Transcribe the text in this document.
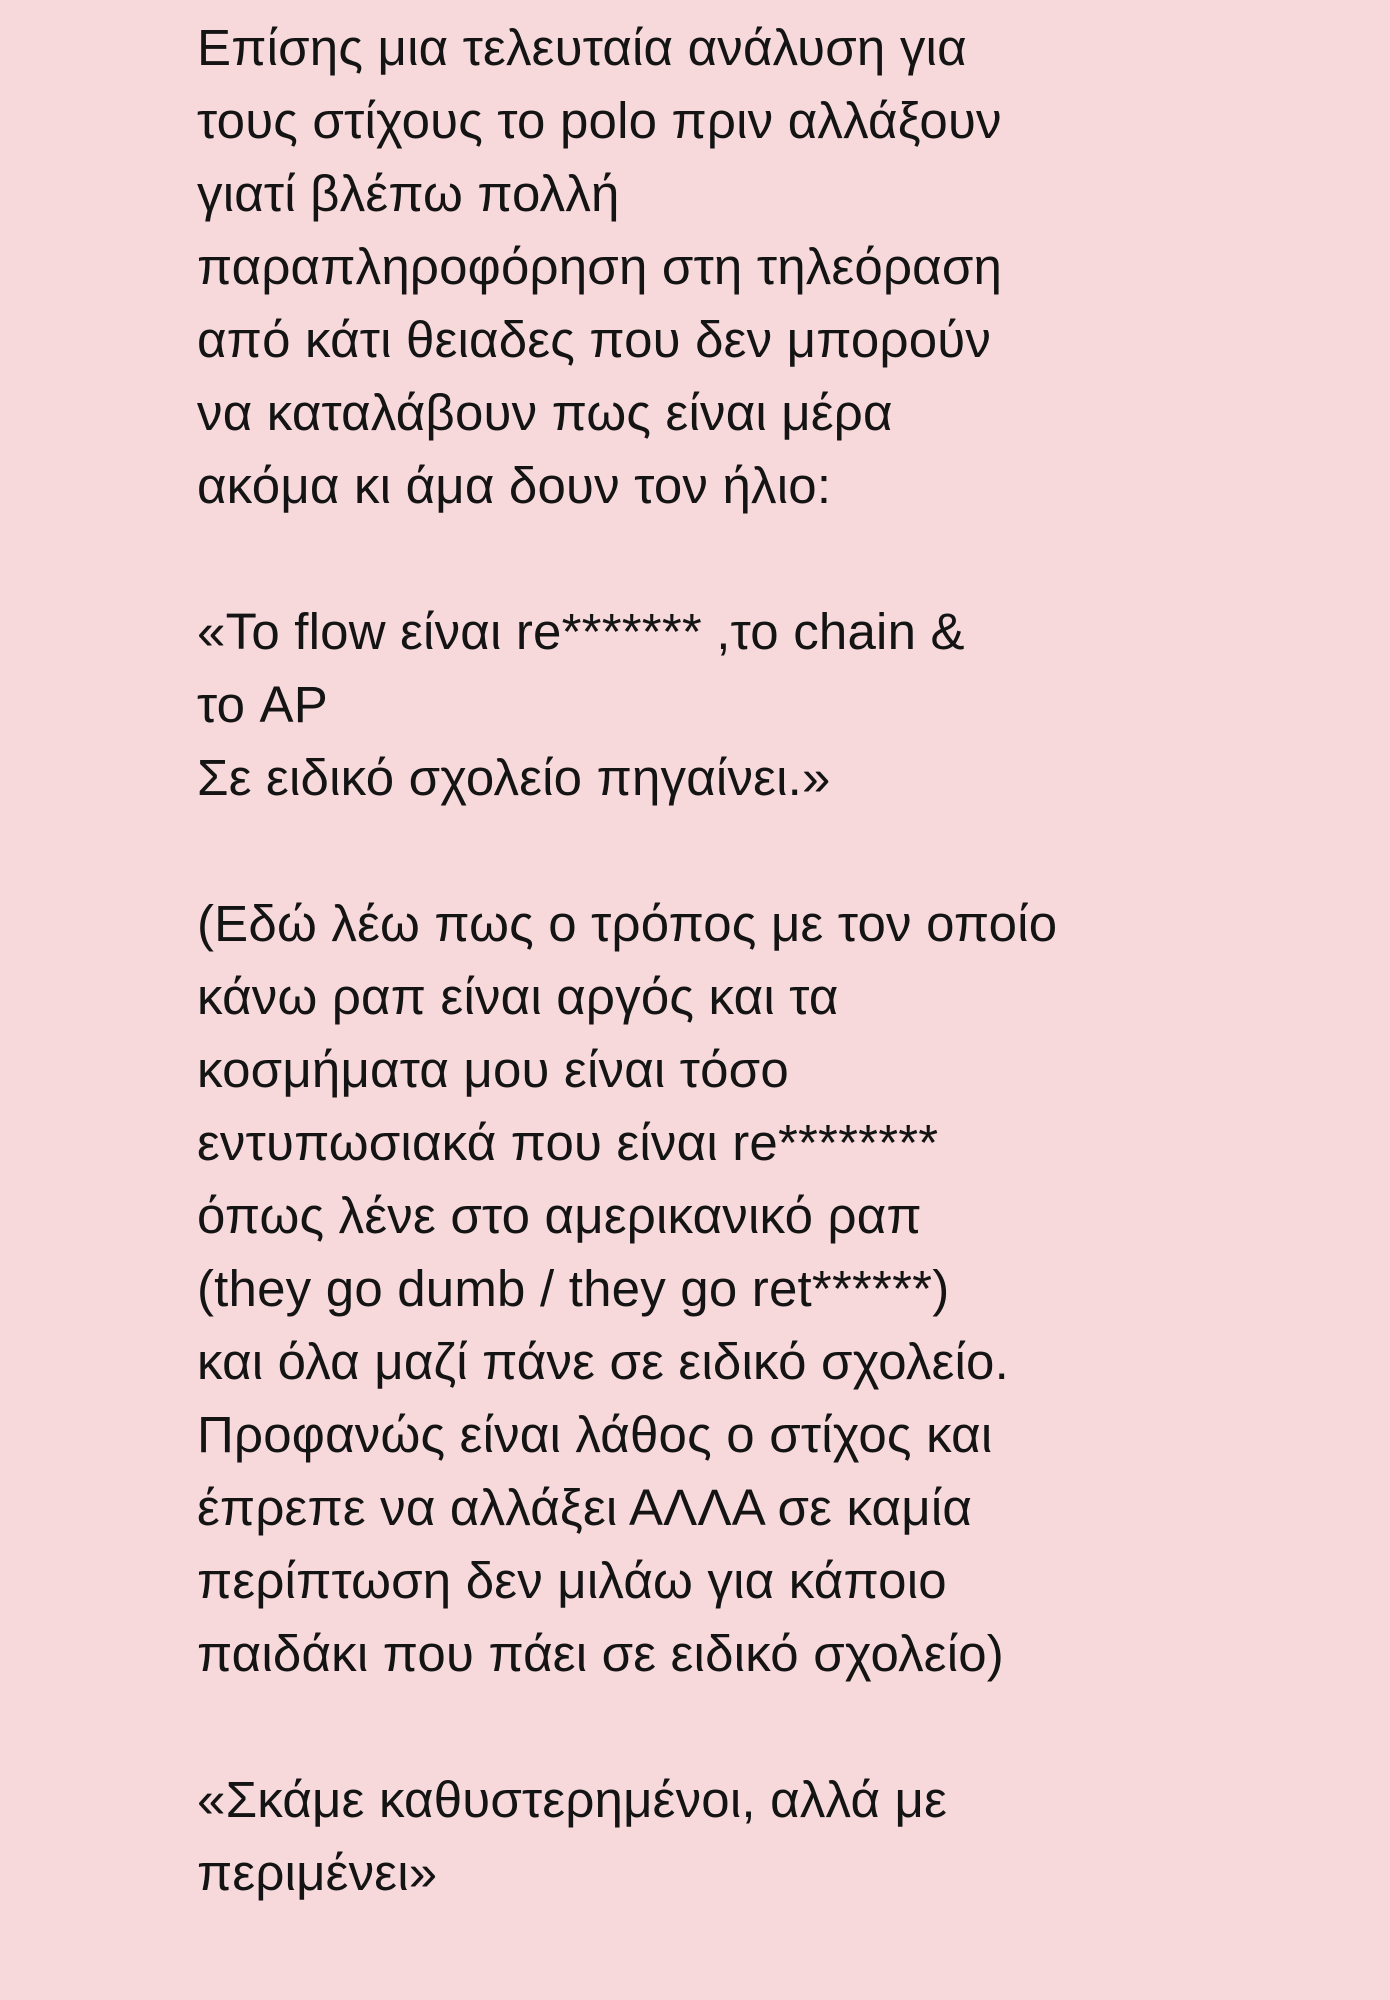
Επίσης μια τελευταία ανάλυση για
τους στίχους το polo πριν αλλάξουν
γιατί βλέπω πολλή
παραπληροφόρηση στη τηλεόραση
από κάτι θειαδες που δεν μπορούν
να καταλάβουν πως είναι μέρα
ακόμα κι άμα δουν τον ήλιο:
«Το flow είναι re******* ,το chain &
το AP
Σε ειδικό σχολείο πηγαίνει.»
(Εδώ λέω πως ο τρόπος με τον οποίο
κάνω ραπ είναι αργός και τα
κοσμήματα μου είναι τόσο
εντυπωσιακά που είναι re********
όπως λένε στο αμερικανικό ραπ
(they go dumb / they go ret******)
και όλα μαζί πάνε σε ειδικό σχολείο.
Προφανώς είναι λάθος ο στίχος και
έπρεπε να αλλάξει ΑΛΛΑ σε καμία
περίπτωση δεν μιλάω για κάποιο
παιδάκι που πάει σε ειδικό σχολείο)
«Σκάμε καθυστερημένοι, αλλά με
περιμένει»
